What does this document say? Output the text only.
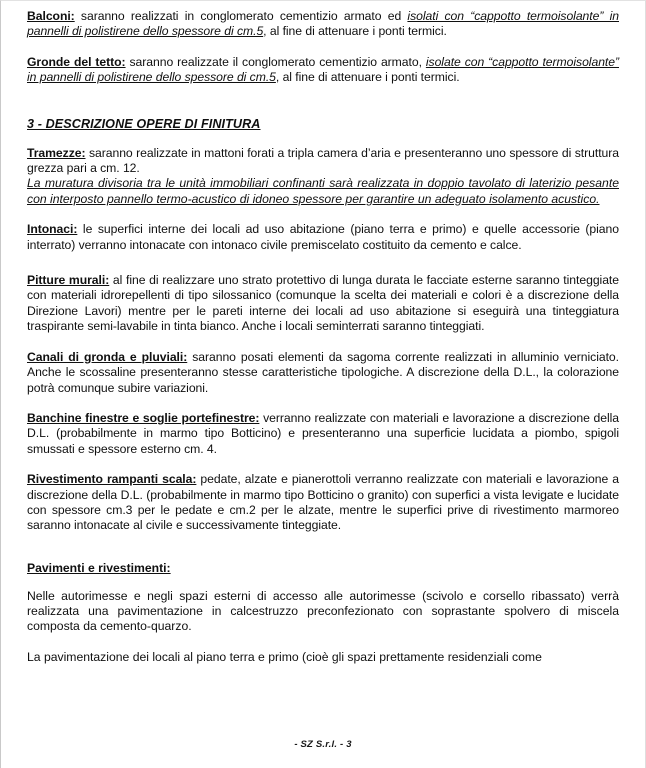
Balconi: saranno realizzati in conglomerato cementizio armato ed isolati con “cappotto termoisolante” in pannelli di polistirene dello spessore di cm.5, al fine di attenuare i ponti termici.

Gronde del tetto: saranno realizzate il conglomerato cementizio armato, isolate con “cappotto termoisolante” in pannelli di polistirene dello spessore di cm.5, al fine di attenuare i ponti termici.

3 - DESCRIZIONE OPERE DI FINITURA

Tramezze: saranno realizzate in mattoni forati a tripla camera d’aria e presenteranno uno spessore di struttura grezza pari a cm. 12.

La muratura divisoria tra le unità immobiliari confinanti sarà realizzata in doppio tavolato di laterizio pesante con interposto pannello termo-acustico di idoneo spessore per garantire un adeguato isolamento acustico.

Intonaci: le superfici interne dei locali ad uso abitazione (piano terra e primo) e quelle accessorie (piano interrato) verranno intonacate con intonaco civile premiscelato costituito da cemento e calce.

Pitture murali: al fine di realizzare uno strato protettivo di lunga durata le facciate esterne saranno tinteggiate con materiali idrorepellenti di tipo silossanico (comunque la scelta dei materiali e colori è a discrezione della Direzione Lavori) mentre per le pareti interne dei locali ad uso abitazione si eseguirà una tinteggiatura traspirante semi-lavabile in tinta bianco. Anche i locali seminterrati saranno tinteggiati.

Canali di gronda e pluviali: saranno posati elementi da sagoma corrente realizzati in alluminio verniciato. Anche le scossaline presenteranno stesse caratteristiche tipologiche. A discrezione della D.L., la colorazione potrà comunque subire variazioni.

Banchine finestre e soglie portefinestre: verranno realizzate con materiali e lavorazione a discrezione della D.L. (probabilmente in marmo tipo Botticino) e presenteranno una superficie lucidata a piombo, spigoli smussati e spessore esterno cm. 4.

Rivestimento rampanti scala: pedate, alzate e pianerottoli verranno realizzate con materiali e lavorazione a discrezione della D.L. (probabilmente in marmo tipo Botticino o granito) con superfici a vista levigate e lucidate con spessore cm.3 per le pedate e cm.2 per le alzate, mentre le superfici prive di rivestimento marmoreo saranno intonacate al civile e successivamente tinteggiate.

Pavimenti e rivestimenti:

Nelle autorimesse e negli spazi esterni di accesso alle autorimesse (scivolo e corsello ribassato) verrà realizzata una pavimentazione in calcestruzzo preconfezionato con soprastante spolvero di miscela composta da cemento-quarzo.

La pavimentazione dei locali al piano terra e primo (cioè gli spazi prettamente residenziali come

- SZ S.r.l. - 3
